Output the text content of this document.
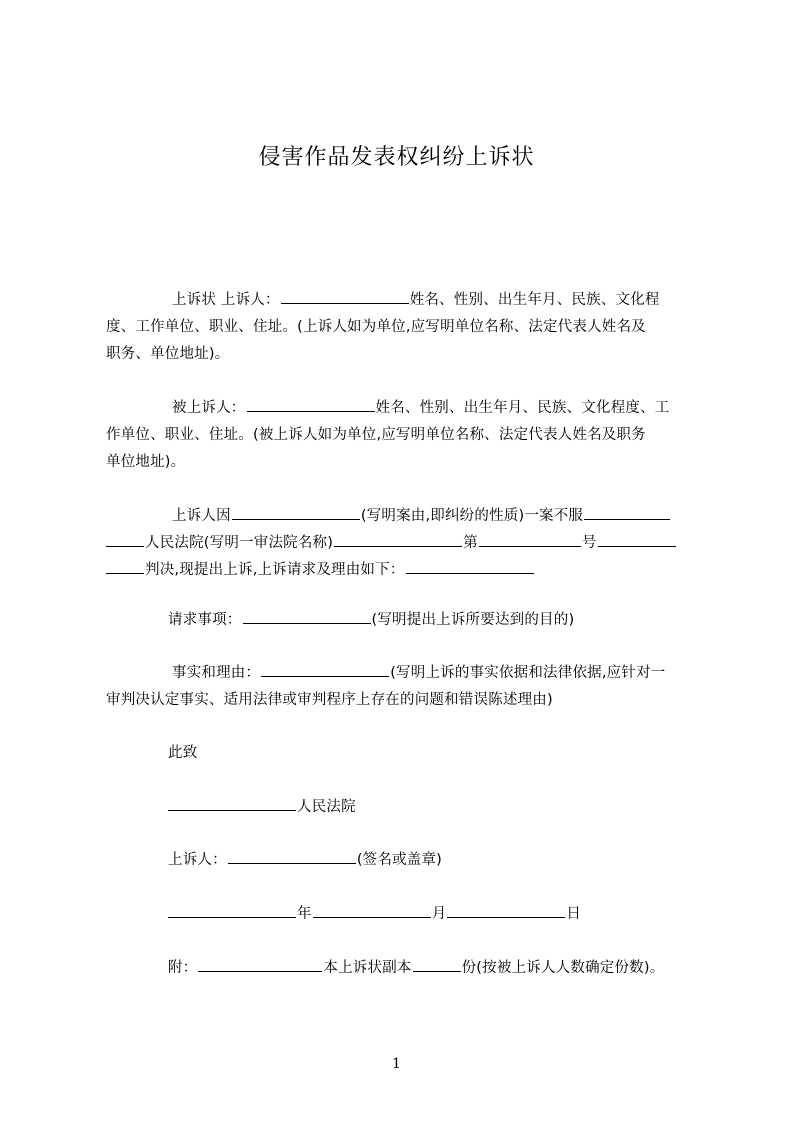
侵害作品发表权纠纷上诉状
上诉状 上诉人：	姓名、性别、出生年月、民族、文化程
度、工作单位、职业、住址。(上诉人如为单位,应写明单位名称、法定代表人姓名及
职务、单位地址)。
被上诉人：	姓名、性别、出生年月、民族、文化程度、工
作单位、职业、住址。(被上诉人如为单位,应写明单位名称、法定代表人姓名及职务
单位地址)。
上诉人因	(写明案由,即纠纷的性质)一案不服
人民法院(写明一审法院名称)	第	号
判决,现提出上诉,上诉请求及理由如下：
请求事项：	(写明提出上诉所要达到的目的)
事实和理由：	(写明上诉的事实依据和法律依据,应针对一
审判决认定事实、适用法律或审判程序上存在的问题和错误陈述理由)
此致
人民法院
上诉人：	(签名或盖章)
年	月	日
附：	本上诉状副本	份(按被上诉人人数确定份数)。
1
